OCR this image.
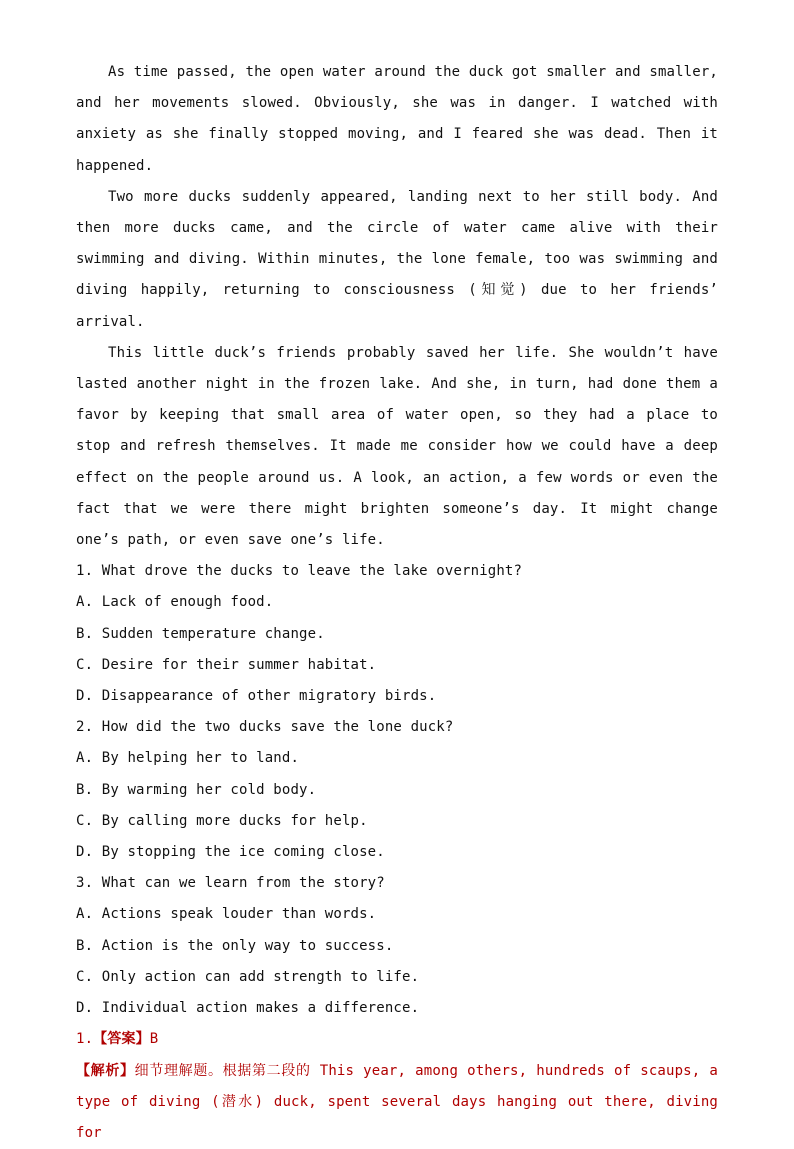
As time passed, the open water around the duck got smaller and smaller, and her movements slowed. Obviously, she was in danger. I watched with anxiety as she finally stopped moving, and I feared she was dead. Then it happened.

Two more ducks suddenly appeared, landing next to her still body. And then more ducks came, and the circle of water came alive with their swimming and diving. Within minutes, the lone female, too was swimming and diving happily, returning to consciousness (知觉) due to her friends’ arrival.

This little duck’s friends probably saved her life. She wouldn’t have lasted another night in the frozen lake. And she, in turn, had done them a favor by keeping that small area of water open, so they had a place to stop and refresh themselves. It made me consider how we could have a deep effect on the people around us. A look, an action, a few words or even the fact that we were there might brighten someone’s day. It might change one’s path, or even save one’s life.

1. What drove the ducks to leave the lake overnight?

A. Lack of enough food.

B. Sudden temperature change.

C. Desire for their summer habitat.

D. Disappearance of other migratory birds.

2. How did the two ducks save the lone duck?

A. By helping her to land.

B. By warming her cold body.

C. By calling more ducks for help.

D. By stopping the ice coming close.

3. What can we learn from the story?

A. Actions speak louder than words.

B. Action is the only way to success.

C. Only action can add strength to life.

D. Individual action makes a difference.

1.【答案】B

【解析】细节理解题。根据第二段的 This year, among others, hundreds of scaups, a type of diving (潜水) duck, spent several days hanging out there, diving for
